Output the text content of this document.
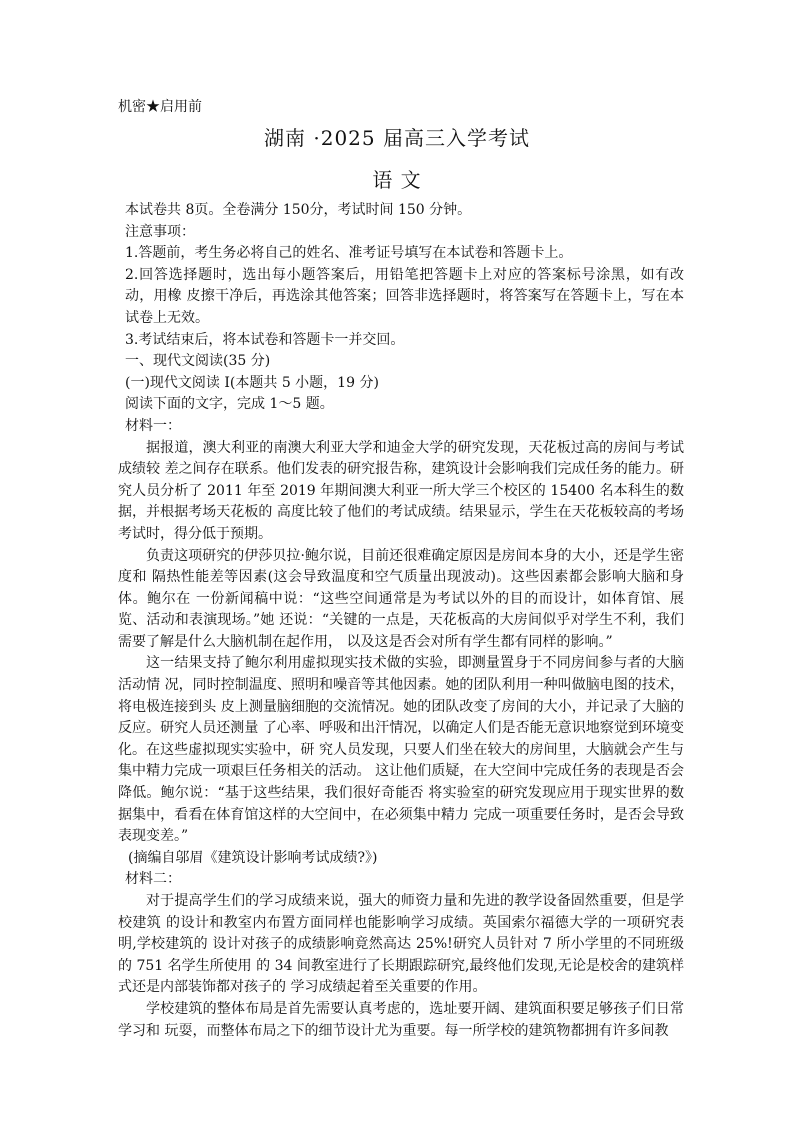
机密★启用前
湖南 ·2025 届高三入学考试
语 文

本试卷共 8页。全卷满分 150分，考试时间 150 分钟。

注意事项：

1.答题前，考生务必将自己的姓名、准考证号填写在本试卷和答题卡上。

2.回答选择题时，选出每小题答案后，用铅笔把答题卡上对应的答案标号涂黑，如有改动，用橡 皮擦干净后，再选涂其他答案；回答非选择题时，将答案写在答题卡上，写在本试卷上无效。

3.考试结束后，将本试卷和答题卡一并交回。

一、现代文阅读(35 分)

(一)现代文阅读 I(本题共 5 小题，19 分)

阅读下面的文字，完成 1～5 题。

材料一：

据报道，澳大利亚的南澳大利亚大学和迪金大学的研究发现，天花板过高的房间与考试成绩较 差之间存在联系。他们发表的研究报告称，建筑设计会影响我们完成任务的能力。研究人员分析了 2011 年至 2019 年期间澳大利亚一所大学三个校区的 15400 名本科生的数据，并根据考场天花板的 高度比较了他们的考试成绩。结果显示，学生在天花板较高的考场考试时，得分低于预期。

负责这项研究的伊莎贝拉·鲍尔说，目前还很难确定原因是房间本身的大小，还是学生密度和 隔热性能差等因素(这会导致温度和空气质量出现波动)。这些因素都会影响大脑和身体。鲍尔在 一份新闻稿中说：“这些空间通常是为考试以外的目的而设计，如体育馆、展览、活动和表演现场。”她 还说：“关键的一点是，天花板高的大房间似乎对学生不利，我们需要了解是什么大脑机制在起作用， 以及这是否会对所有学生都有同样的影响。”

这一结果支持了鲍尔利用虚拟现实技术做的实验，即测量置身于不同房间参与者的大脑活动情 况，同时控制温度、照明和噪音等其他因素。她的团队利用一种叫做脑电图的技术，将电极连接到头 皮上测量脑细胞的交流情况。她的团队改变了房间的大小，并记录了大脑的反应。研究人员还测量 了心率、呼吸和出汗情况，以确定人们是否能无意识地察觉到环境变化。在这些虚拟现实实验中，研 究人员发现，只要人们坐在较大的房间里，大脑就会产生与集中精力完成一项艰巨任务相关的活动。 这让他们质疑，在大空间中完成任务的表现是否会降低。鲍尔说：“基于这些结果，我们很好奇能否 将实验室的研究发现应用于现实世界的数据集中，看看在体育馆这样的大空间中，在必须集中精力 完成一项重要任务时，是否会导致表现变差。”

(摘编自邬眉《建筑设计影响考试成绩?》)

材料二：

对于提高学生们的学习成绩来说，强大的师资力量和先进的教学设备固然重要，但是学校建筑 的设计和教室内布置方面同样也能影响学习成绩。英国索尔福德大学的一项研究表明,学校建筑的 设计对孩子的成绩影响竟然高达 25%!研究人员针对 7 所小学里的不同班级的 751 名学生所使用 的 34 间教室进行了长期跟踪研究,最终他们发现,无论是校舍的建筑样式还是内部装饰都对孩子的 学习成绩起着至关重要的作用。

学校建筑的整体布局是首先需要认真考虑的，选址要开阔、建筑面积要足够孩子们日常学习和 玩耍，而整体布局之下的细节设计尤为重要。每一所学校的建筑物都拥有许多间教
